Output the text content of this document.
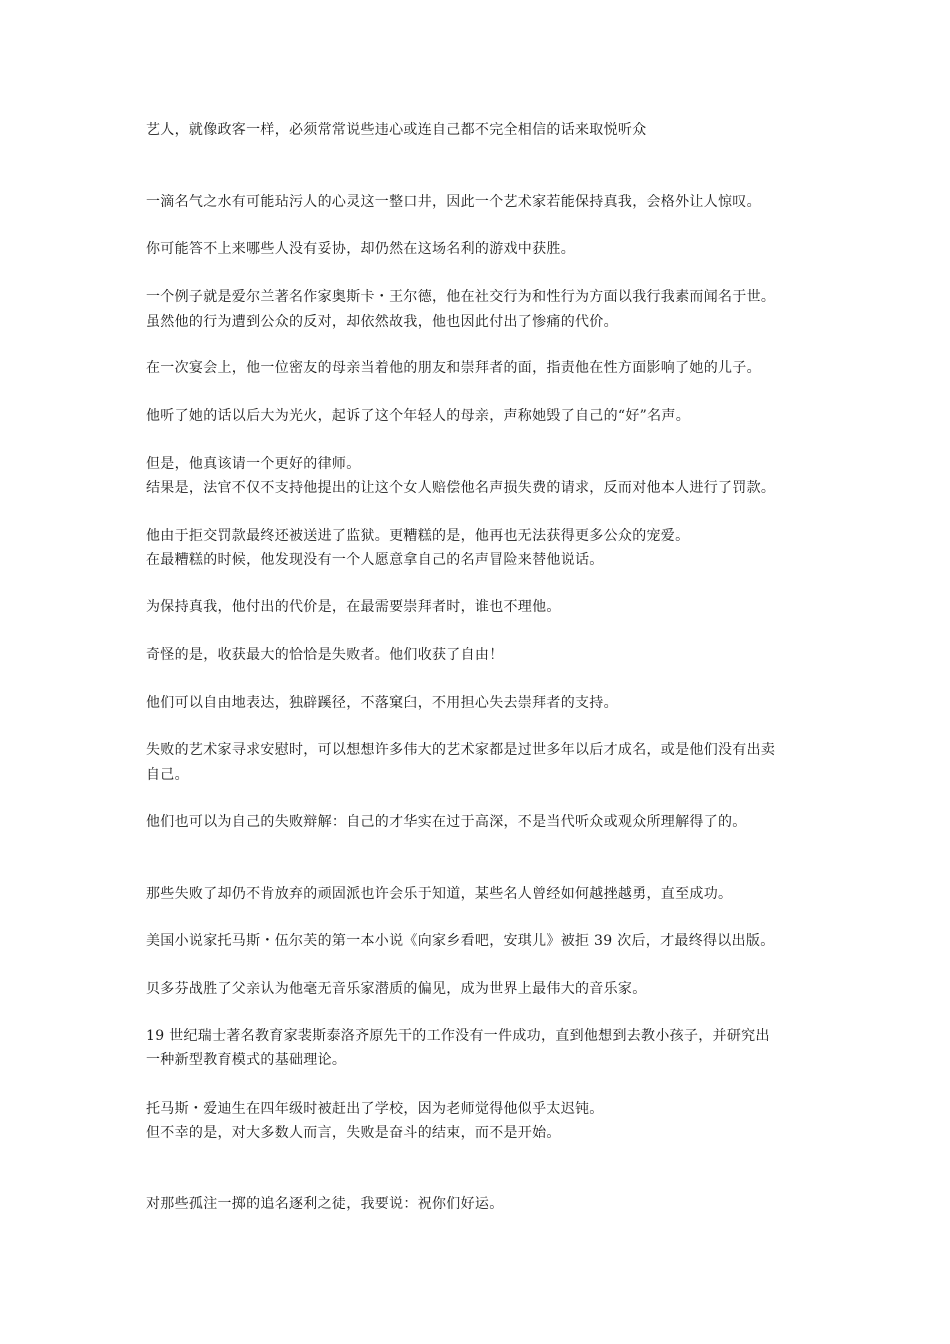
艺人，就像政客一样，必须常常说些违心或连自己都不完全相信的话来取悦听众
一滴名气之水有可能玷污人的心灵这一整口井，因此一个艺术家若能保持真我，会格外让人惊叹。
你可能答不上来哪些人没有妥协，却仍然在这场名利的游戏中获胜。
一个例子就是爱尔兰著名作家奥斯卡・王尔德，他在社交行为和性行为方面以我行我素而闻名于世。
虽然他的行为遭到公众的反对，却依然故我，他也因此付出了惨痛的代价。
在一次宴会上，他一位密友的母亲当着他的朋友和崇拜者的面，指责他在性方面影响了她的儿子。
他听了她的话以后大为光火，起诉了这个年轻人的母亲，声称她毁了自己的“好”名声。
但是，他真该请一个更好的律师。
结果是，法官不仅不支持他提出的让这个女人赔偿他名声损失费的请求，反而对他本人进行了罚款。
他由于拒交罚款最终还被送进了监狱。更糟糕的是，他再也无法获得更多公众的宠爱。
在最糟糕的时候，他发现没有一个人愿意拿自己的名声冒险来替他说话。
为保持真我，他付出的代价是，在最需要崇拜者时，谁也不理他。
奇怪的是，收获最大的恰恰是失败者。他们收获了自由！
他们可以自由地表达，独辟蹊径，不落窠臼，不用担心失去崇拜者的支持。
失败的艺术家寻求安慰时，可以想想许多伟大的艺术家都是过世多年以后才成名，或是他们没有出卖
自己。
他们也可以为自己的失败辩解：自己的才华实在过于高深，不是当代听众或观众所理解得了的。
那些失败了却仍不肯放弃的顽固派也许会乐于知道，某些名人曾经如何越挫越勇，直至成功。
美国小说家托马斯・伍尔芙的第一本小说《向家乡看吧，安琪儿》被拒 39 次后，才最终得以出版。
贝多芬战胜了父亲认为他毫无音乐家潜质的偏见，成为世界上最伟大的音乐家。
19 世纪瑞士著名教育家裴斯泰洛齐原先干的工作没有一件成功，直到他想到去教小孩子，并研究出
一种新型教育模式的基础理论。
托马斯・爱迪生在四年级时被赶出了学校，因为老师觉得他似乎太迟钝。
但不幸的是，对大多数人而言，失败是奋斗的结束，而不是开始。
对那些孤注一掷的追名逐利之徒，我要说：祝你们好运。
